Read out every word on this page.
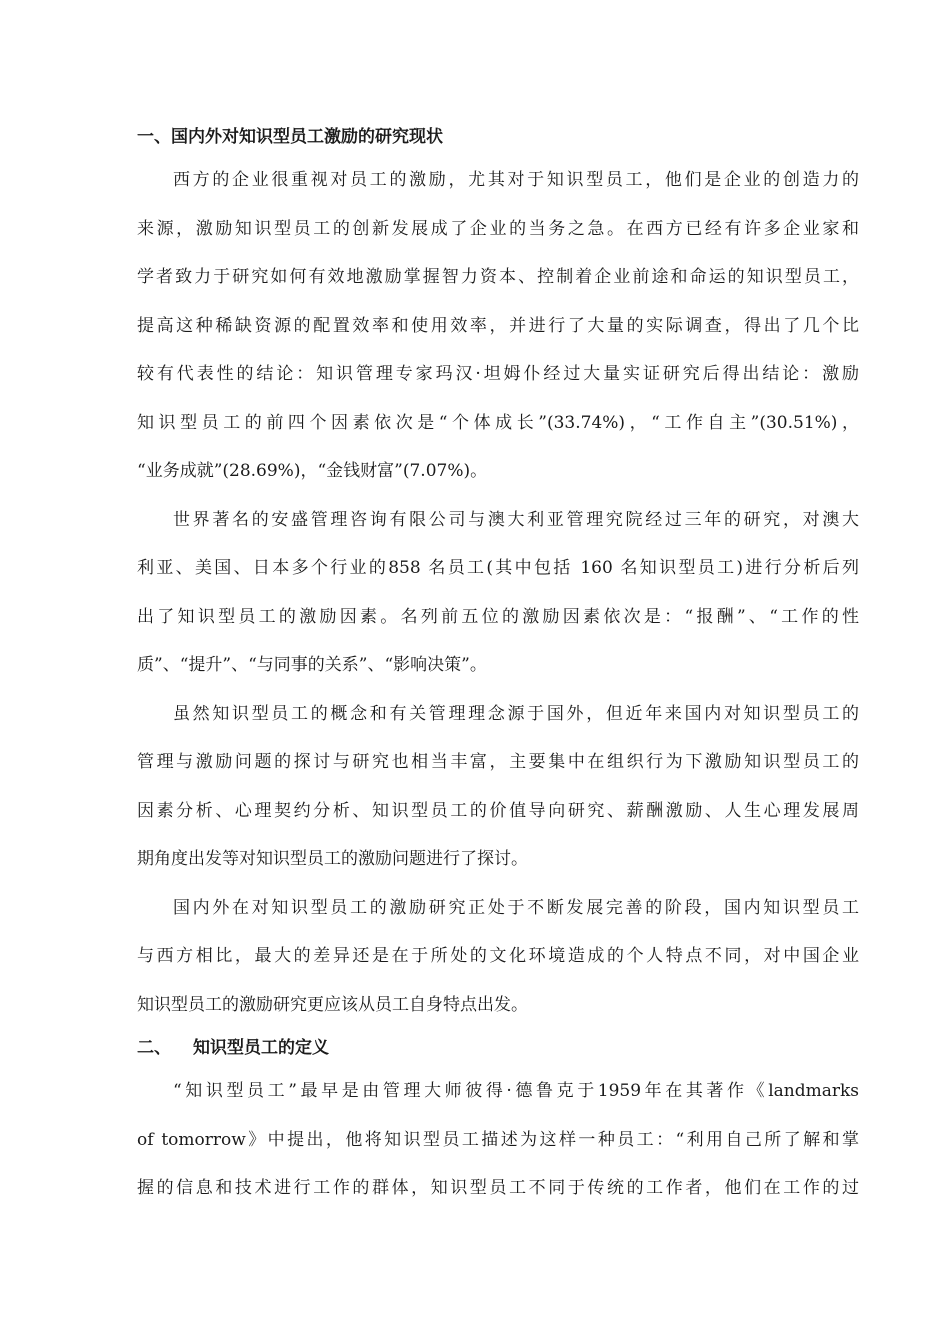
一、国内外对知识型员工激励的研究现状

西方的企业很重视对员工的激励，尤其对于知识型员工，他们是企业的创造力的
来源，激励知识型员工的创新发展成了企业的当务之急。在西方已经有许多企业家和
学者致力于研究如何有效地激励掌握智力资本、控制着企业前途和命运的知识型员工，
提高这种稀缺资源的配置效率和使用效率，并进行了大量的实际调查，得出了几个比
较有代表性的结论：知识管理专家玛汉·坦姆仆经过大量实证研究后得出结论：激励
知识型员工的前四个因素依次是“个体成长”(33.74%)，“工作自主”(30.51%)，
“业务成就”(28.69%)，“金钱财富”(7.07%)。

世界著名的安盛管理咨询有限公司与澳大利亚管理究院经过三年的研究，对澳大
利亚、美国、日本多个行业的858 名员工(其中包括 160 名知识型员工)进行分析后列
出了知识型员工的激励因素。名列前五位的激励因素依次是：“报酬”、“工作的性
质”、“提升”、“与同事的关系”、“影响决策”。

虽然知识型员工的概念和有关管理理念源于国外，但近年来国内对知识型员工的
管理与激励问题的探讨与研究也相当丰富，主要集中在组织行为下激励知识型员工的
因素分析、心理契约分析、知识型员工的价值导向研究、薪酬激励、人生心理发展周
期角度出发等对知识型员工的激励问题进行了探讨。

国内外在对知识型员工的激励研究正处于不断发展完善的阶段，国内知识型员工
与西方相比，最大的差异还是在于所处的文化环境造成的个人特点不同，对中国企业
知识型员工的激励研究更应该从员工自身特点出发。

二、 知识型员工的定义

“知识型员工”最早是由管理大师彼得·德鲁克于1959年在其著作《landmarks
of tomorrow》中提出，他将知识型员工描述为这样一种员工：“利用自己所了解和掌
握的信息和技术进行工作的群体，知识型员工不同于传统的工作者，他们在工作的过
